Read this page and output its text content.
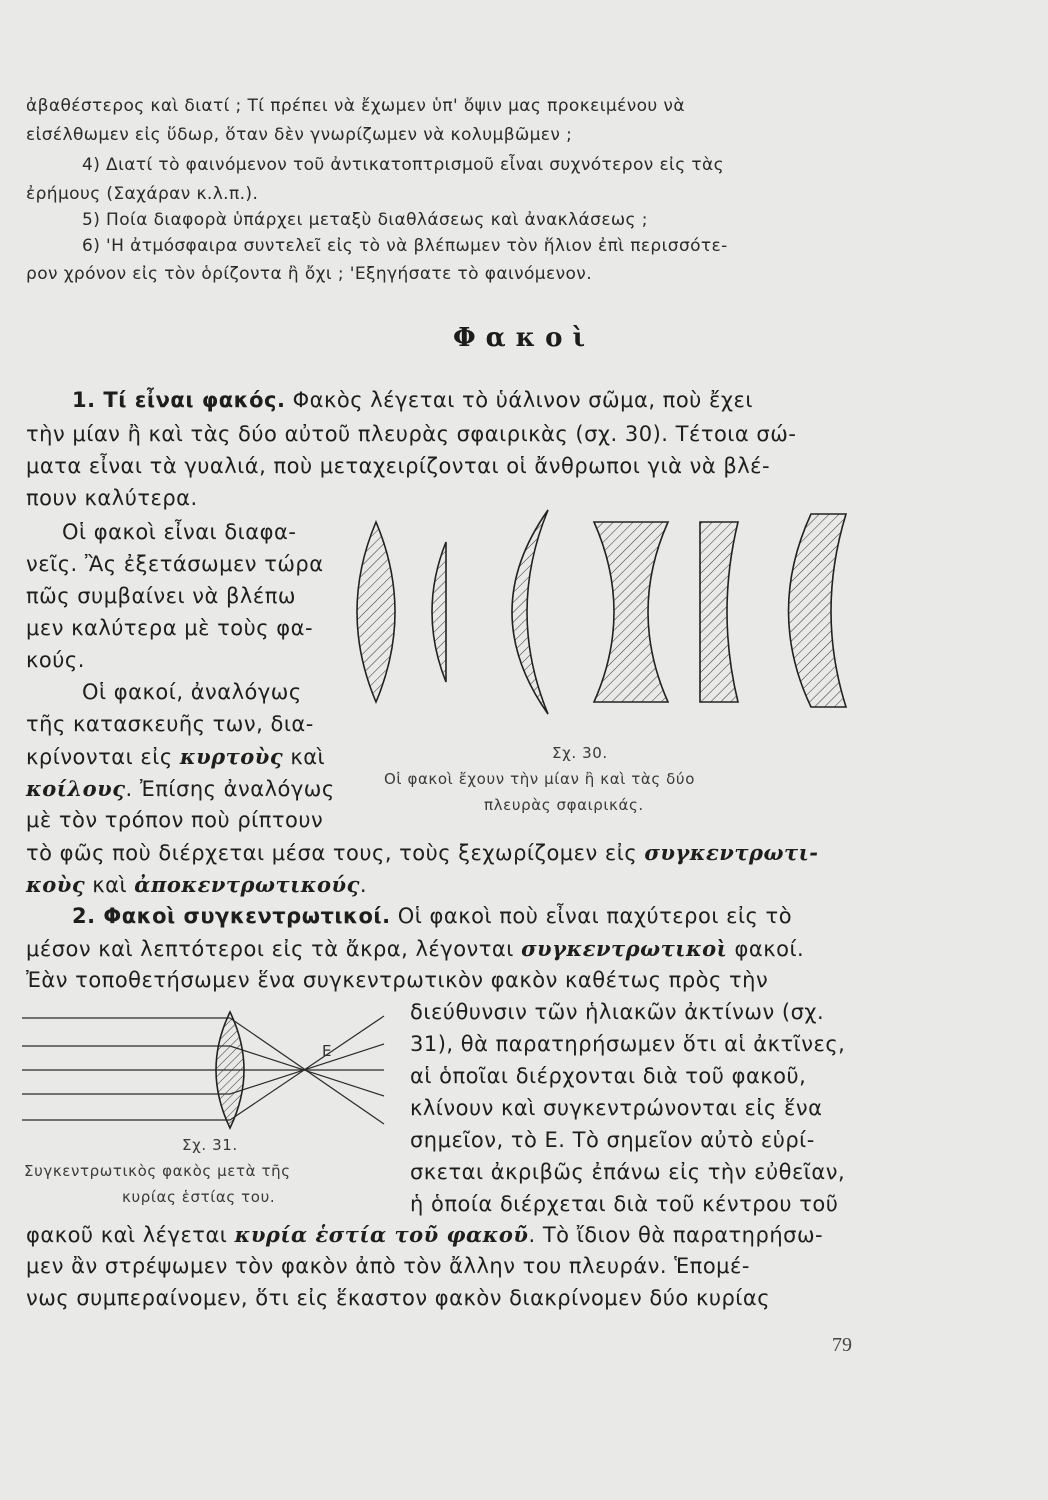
ἀβαθέστερος καὶ διατί ; Τί πρέπει νὰ ἔχωμεν ὑπ' ὄψιν μας προκειμένου νὰ
εἰσέλθωμεν εἰς ὕδωρ, ὅταν δὲν γνωρίζωμεν νὰ κολυμβῶμεν ;
4) Διατί τὸ φαινόμενον τοῦ ἀντικατοπτρισμοῦ εἶναι συχνότερον εἰς τὰς
ἐρήμους (Σαχάραν κ.λ.π.).
5) Ποία διαφορὰ ὑπάρχει μεταξὺ διαθλάσεως καὶ ἀνακλάσεως ;
6) 'Η ἀτμόσφαιρα συντελεῖ εἰς τὸ νὰ βλέπωμεν τὸν ἥλιον ἐπὶ περισσότε-
ρον χρόνον εἰς τὸν ὁρίζοντα ἢ ὄχι ; 'Εξηγήσατε τὸ φαινόμενον.
Φακοὶ
1. Τί εἶναι φακός. Φακὸς λέγεται τὸ ὑάλινον σῶμα, ποὺ ἔχει
τὴν μίαν ἢ καὶ τὰς δύο αὐτοῦ πλευρὰς σφαιρικὰς (σχ. 30). Τέτοια σώ-
ματα εἶναι τὰ γυαλιά, ποὺ μεταχειρίζονται οἱ ἄνθρωποι γιὰ νὰ βλέ-
πουν καλύτερα.
Οἱ φακοὶ εἶναι διαφα-
νεῖς. Ἂς ἐξετάσωμεν τώρα
πῶς συμβαίνει νὰ βλέπω
μεν καλύτερα μὲ τοὺς φα-
κούς.
Οἱ φακοί, ἀναλόγως
τῆς κατασκευῆς των, δια-
κρίνονται εἰς κυρτοὺς καὶ
κοίλους. Ἐπίσης ἀναλόγως
μὲ τὸν τρόπον ποὺ ρίπτουν
τὸ φῶς ποὺ διέρχεται μέσα τους, τοὺς ξεχωρίζομεν εἰς συγκεντρωτι-
κοὺς καὶ ἀποκεντρωτικούς.
Σχ. 30.
Οἱ φακοὶ ἔχουν τὴν μίαν ἢ καὶ τὰς δύο
πλευρὰς σφαιρικάς.
2. Φακοὶ συγκεντρωτικοί. Οἱ φακοὶ ποὺ εἶναι παχύτεροι εἰς τὸ
μέσον καὶ λεπτότεροι εἰς τὰ ἄκρα, λέγονται συγκεντρωτικοὶ φακοί.
Ἐὰν τοποθετήσωμεν ἕνα συγκεντρωτικὸν φακὸν καθέτως πρὸς τὴν
διεύθυνσιν τῶν ἡλιακῶν ἀκτίνων (σχ.
31), θὰ παρατηρήσωμεν ὅτι αἱ ἀκτῖνες,
αἱ ὁποῖαι διέρχονται διὰ τοῦ φακοῦ,
κλίνουν καὶ συγκεντρώνονται εἰς ἕνα
σημεῖον, τὸ Ε. Τὸ σημεῖον αὐτὸ εὑρί-
σκεται ἀκριβῶς ἐπάνω εἰς τὴν εὐθεῖαν,
ἡ ὁποία διέρχεται διὰ τοῦ κέντρου τοῦ
Ε
Σχ. 31.
Συγκεντρωτικὸς φακὸς μετὰ τῆς
κυρίας ἑστίας του.
φακοῦ καὶ λέγεται κυρία ἑστία τοῦ φακοῦ. Τὸ ἴδιον θὰ παρατηρήσω-
μεν ἂν στρέψωμεν τὸν φακὸν ἀπὸ τὸν ἄλλην του πλευράν. Ἑπομέ-
νως συμπεραίνομεν, ὅτι εἰς ἕκαστον φακὸν διακρίνομεν δύο κυρίας
79
